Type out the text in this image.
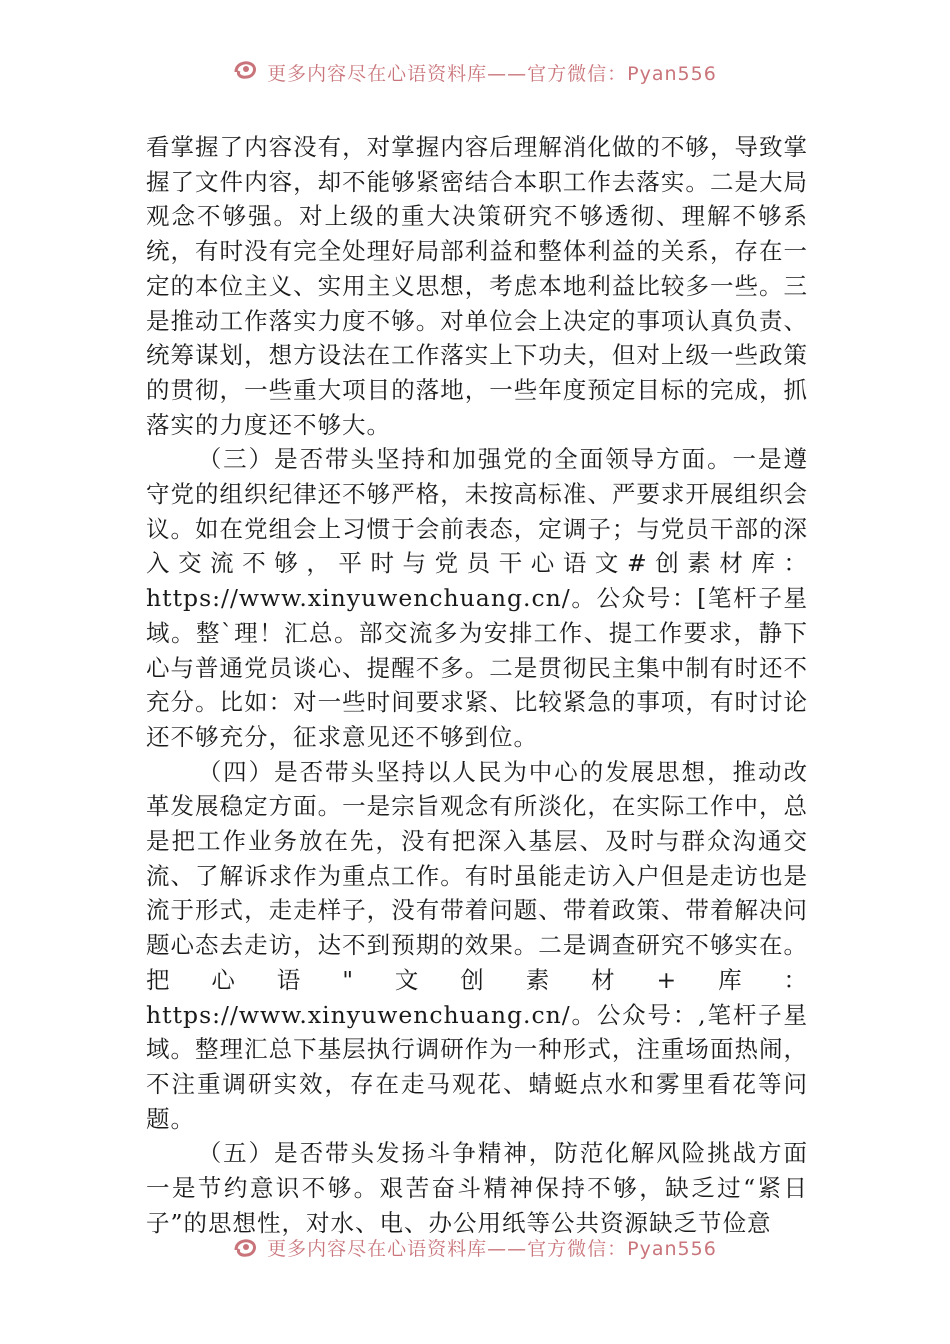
更多内容尽在心语资料库——官方微信：Pyan556

看掌握了内容没有，对掌握内容后理解消化做的不够，导致掌握了文件内容，却不能够紧密结合本职工作去落实。二是大局观念不够强。对上级的重大决策研究不够透彻、理解不够系统，有时没有完全处理好局部利益和整体利益的关系，存在一定的本位主义、实用主义思想，考虑本地利益比较多一些。三是推动工作落实力度不够。对单位会上决定的事项认真负责、统筹谋划，想方设法在工作落实上下功夫，但对上级一些政策的贯彻，一些重大项目的落地，一些年度预定目标的完成，抓落实的力度还不够大。

（三）是否带头坚持和加强党的全面领导方面。一是遵守党的组织纪律还不够严格，未按高标准、严要求开展组织会议。如在党组会上习惯于会前表态，定调子；与党员干部的深入交流不够，平时与党员干心语文#创素材库：https://www.xinyuwenchuang.cn/。公众号：[笔杆子星域。整`理！汇总。部交流多为安排工作、提工作要求，静下心与普通党员谈心、提醒不多。二是贯彻民主集中制有时还不充分。比如：对一些时间要求紧、比较紧急的事项，有时讨论还不够充分，征求意见还不够到位。

（四）是否带头坚持以人民为中心的发展思想，推动改革发展稳定方面。一是宗旨观念有所淡化，在实际工作中，总是把工作业务放在先，没有把深入基层、及时与群众沟通交流、了解诉求作为重点工作。有时虽能走访入户但是走访也是流于形式，走走样子，没有带着问题、带着政策、带着解决问题心态去走访，达不到预期的效果。二是调查研究不够实在。把心语"文创素材+库：https://www.xinyuwenchuang.cn/。公众号：,笔杆子星域。整理汇总下基层执行调研作为一种形式，注重场面热闹，不注重调研实效，存在走马观花、蜻蜓点水和雾里看花等问题。

（五）是否带头发扬斗争精神，防范化解风险挑战方面一是节约意识不够。艰苦奋斗精神保持不够，缺乏过“紧日子”的思想性，对水、电、办公用纸等公共资源缺乏节俭意

更多内容尽在心语资料库——官方微信：Pyan556
